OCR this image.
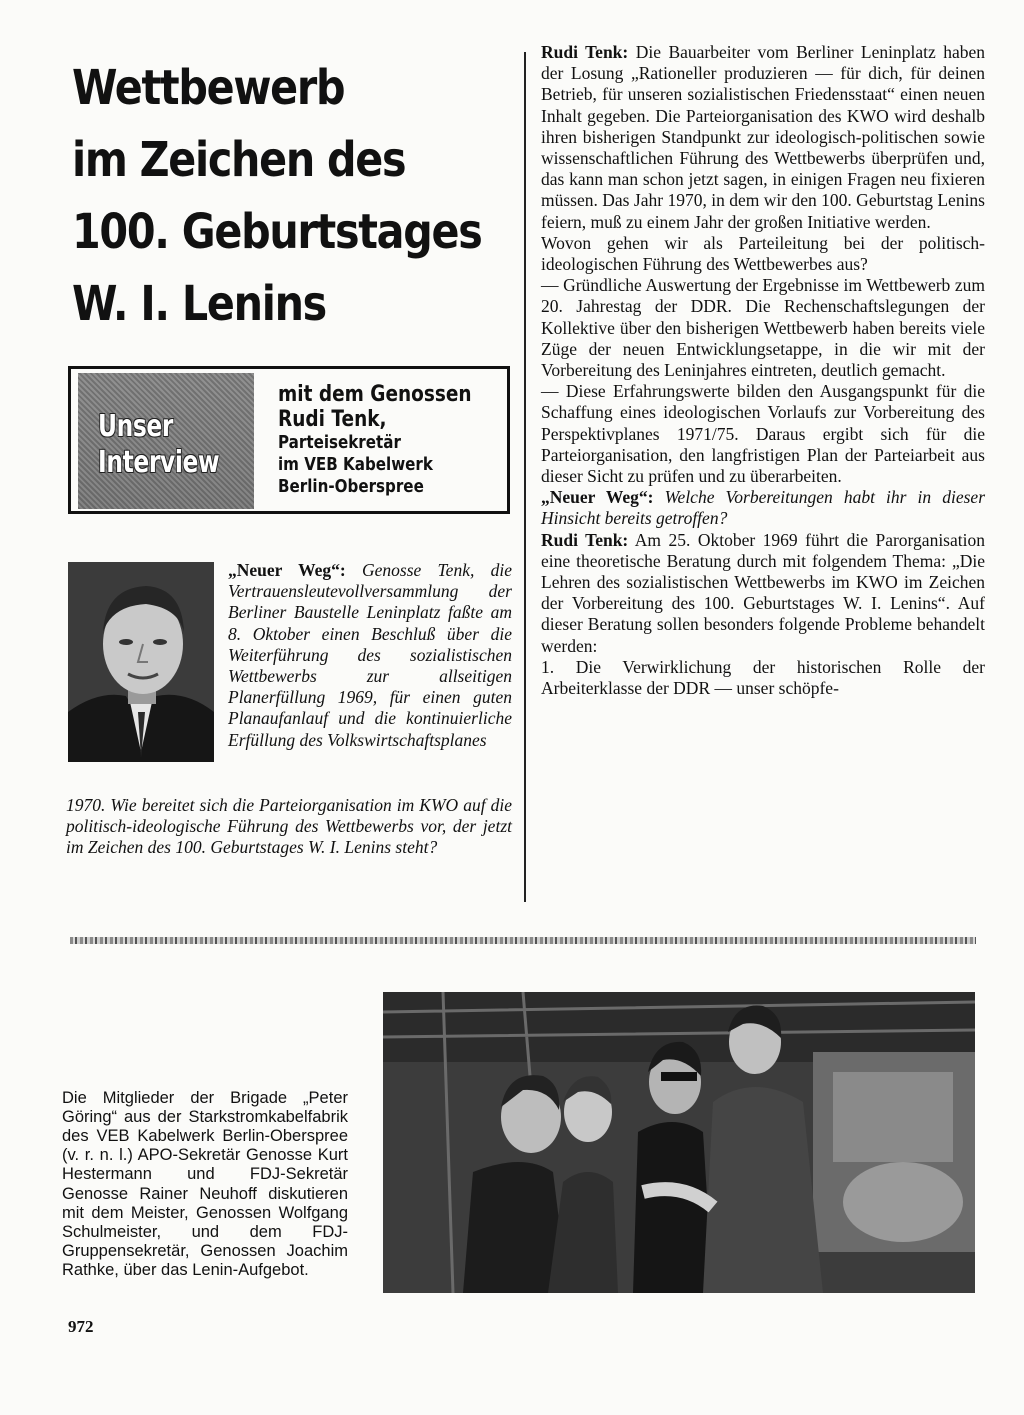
Wettbewerb
im Zeichen des
100. Geburtstages
W. I. Lenins
Unser
Interview
mit dem Genossen
Rudi Tenk,
Parteisekretär
im VEB Kabelwerk
Berlin-Oberspree

„Neuer Weg“: Genosse Tenk, die Vertrauensleutevollversammlung der Berliner Baustelle Leninplatz faßte am 8. Oktober einen Beschluß über die Weiterführung des sozialistischen Wettbewerbs zur allseitigen Planerfüllung 1969, für einen guten Planaufanlauf und die kontinuierliche Erfüllung des Volkswirtschaftsplanes

1970. Wie bereitet sich die Parteiorganisation im KWO auf die politisch-ideologische Führung des Wettbewerbs vor, der jetzt im Zeichen des 100. Geburtstages W. I. Lenins steht?

Rudi Tenk: Die Bauarbeiter vom Berliner Leninplatz haben der Losung „Rationeller produzieren — für dich, für deinen Betrieb, für unseren sozialistischen Friedensstaat“ einen neuen Inhalt gegeben. Die Parteiorganisation des KWO wird deshalb ihren bisherigen Standpunkt zur ideologisch-politischen sowie wissenschaftlichen Führung des Wettbewerbs überprüfen und, das kann man schon jetzt sagen, in einigen Fragen neu fixieren müssen. Das Jahr 1970, in dem wir den 100. Geburtstag Lenins feiern, muß zu einem Jahr der großen Initiative werden.

Wovon gehen wir als Parteileitung bei der politisch-ideologischen Führung des Wettbewerbes aus?

— Gründliche Auswertung der Ergebnisse im Wettbewerb zum 20. Jahrestag der DDR. Die Rechenschaftslegungen der Kollektive über den bisherigen Wettbewerb haben bereits viele Züge der neuen Entwicklungsetappe, in die wir mit der Vorbereitung des Leninjahres eintreten, deutlich gemacht.

— Diese Erfahrungswerte bilden den Ausgangspunkt für die Schaffung eines ideologischen Vorlaufs zur Vorbereitung des Perspektivplanes 1971/75. Daraus ergibt sich für die Parteiorganisation, den langfristigen Plan der Parteiarbeit aus dieser Sicht zu prüfen und zu überarbeiten.

„Neuer Weg“: Welche Vorbereitungen habt ihr in dieser Hinsicht bereits getroffen?

Rudi Tenk: Am 25. Oktober 1969 führt die Parorganisation eine theoretische Beratung durch mit folgendem Thema: „Die Lehren des sozialistischen Wettbewerbs im KWO im Zeichen der Vorbereitung des 100. Geburtstages W. I. Lenins“. Auf dieser Beratung sollen besonders folgende Probleme behandelt werden:

1. Die Verwirklichung der historischen Rolle der Arbeiterklasse der DDR — unser schöpfe-

Die Mitglieder der Brigade „Peter Göring“ aus der Starkstromkabelfabrik des VEB Kabelwerk Berlin-Oberspree (v. r. n. l.) APO-Sekretär Genosse Kurt Hestermann und FDJ-Sekretär Genosse Rainer Neuhoff diskutieren mit dem Meister, Genossen Wolfgang Schulmeister, und dem FDJ-Gruppensekretär, Genossen Joachim Rathke, über das Lenin-Aufgebot.

972
